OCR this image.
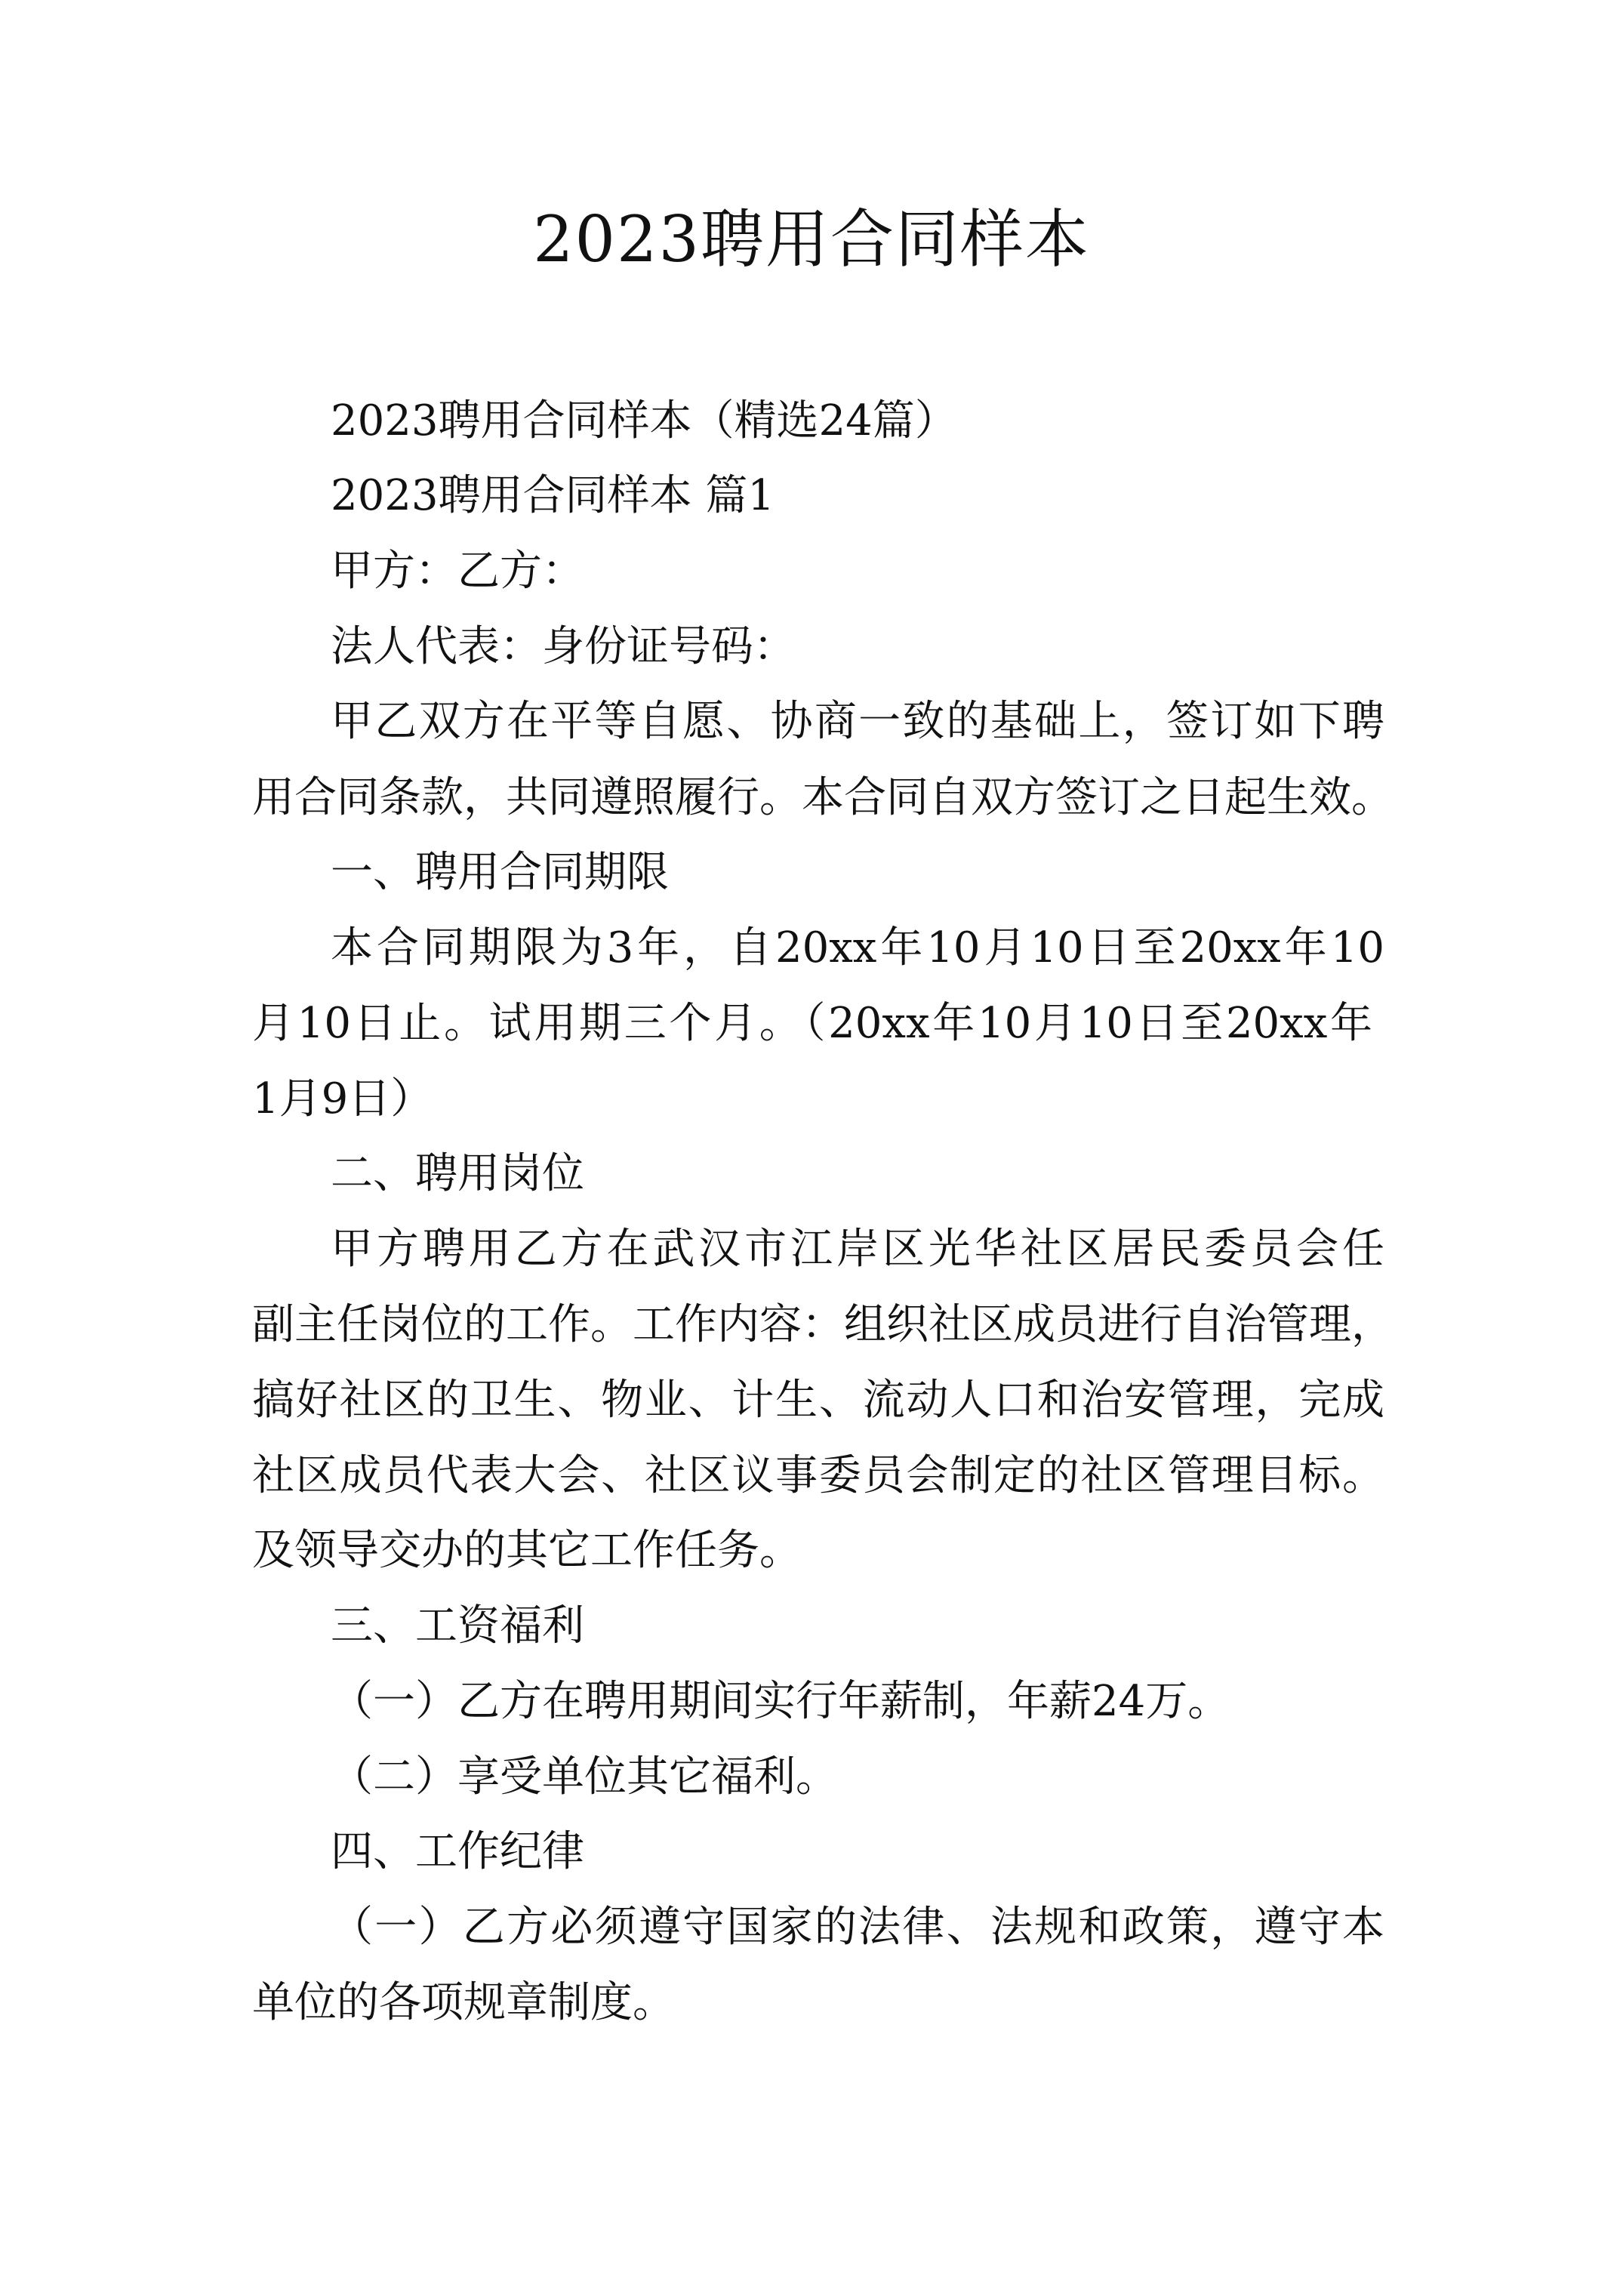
2023聘用合同样本

2023聘用合同样本（精选24篇）

2023聘用合同样本 篇1

甲方：乙方：

法人代表：身份证号码：

甲乙双方在平等自愿、协商一致的基础上，签订如下聘

用合同条款，共同遵照履行。本合同自双方签订之日起生效。

一、聘用合同期限

本合同期限为3年，自20xx年10月10日至20xx年10

月10日止。试用期三个月。（20xx年10月10日至20xx年

1月9日）

二、聘用岗位

甲方聘用乙方在武汉市江岸区光华社区居民委员会任

副主任岗位的工作。工作内容：组织社区成员进行自治管理，

搞好社区的卫生、物业、计生、流动人口和治安管理，完成

社区成员代表大会、社区议事委员会制定的社区管理目标。

及领导交办的其它工作任务。

三、工资福利

（一）乙方在聘用期间实行年薪制，年薪24万。

（二）享受单位其它福利。

四、工作纪律

（一）乙方必须遵守国家的法律、法规和政策，遵守本

单位的各项规章制度。
